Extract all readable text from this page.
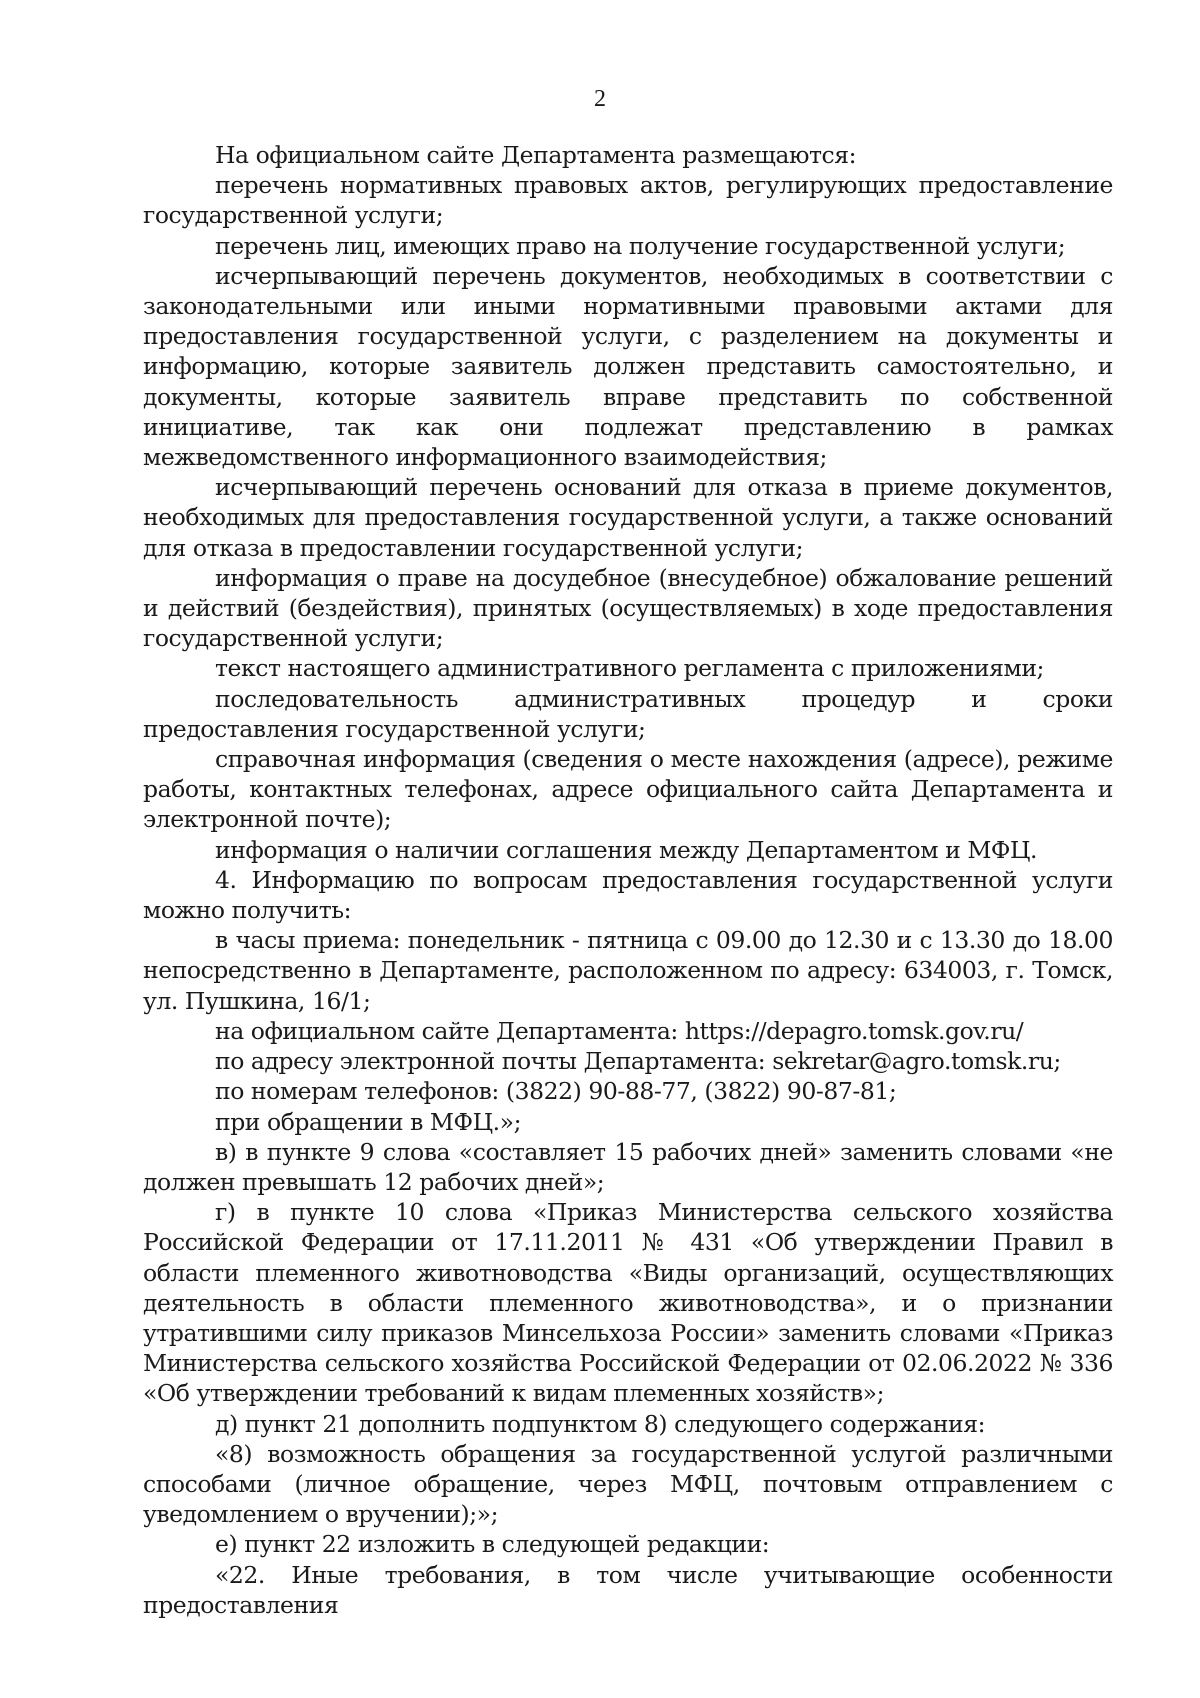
2

На официальном сайте Департамента размещаются:

перечень нормативных правовых актов, регулирующих предоставление государственной услуги;

перечень лиц, имеющих право на получение государственной услуги;

исчерпывающий перечень документов, необходимых в соответствии с законодательными или иными нормативными правовыми актами для предоставления государственной услуги, с разделением на документы и информацию, которые заявитель должен представить самостоятельно, и документы, которые заявитель вправе представить по собственной инициативе, так как они подлежат представлению в рамках межведомственного информационного взаимодействия;

исчерпывающий перечень оснований для отказа в приеме документов, необходимых для предоставления государственной услуги, а также оснований для отказа в предоставлении государственной услуги;

информация о праве на досудебное (внесудебное) обжалование решений и действий (бездействия), принятых (осуществляемых) в ходе предоставления государственной услуги;

текст настоящего административного регламента с приложениями;

последовательность административных процедур и сроки предоставления государственной услуги;

справочная информация (сведения о месте нахождения (адресе), режиме работы, контактных телефонах, адресе официального сайта Департамента и электронной почте);

информация о наличии соглашения между Департаментом и МФЦ.

4. Информацию по вопросам предоставления государственной услуги можно получить:

в часы приема: понедельник - пятница с 09.00 до 12.30 и с 13.30 до 18.00 непосредственно в Департаменте, расположенном по адресу: 634003, г. Томск, ул. Пушкина, 16/1;

на официальном сайте Департамента: https://depagro.tomsk.gov.ru/

по адресу электронной почты Департамента: sekretar@agro.tomsk.ru;

по номерам телефонов: (3822) 90-88-77, (3822) 90-87-81;

при обращении в МФЦ.»;

в) в пункте 9 слова «составляет 15 рабочих дней» заменить словами «не должен превышать 12 рабочих дней»;

г) в пункте 10 слова «Приказ Министерства сельского хозяйства Российской Федерации от 17.11.2011 № 431 «Об утверждении Правил в области племенного животноводства «Виды организаций, осуществляющих деятельность в области племенного животноводства», и о признании утратившими силу приказов Минсельхоза России» заменить словами «Приказ Министерства сельского хозяйства Российской Федерации от 02.06.2022 № 336 «Об утверждении требований к видам племенных хозяйств»;

д) пункт 21 дополнить подпунктом 8) следующего содержания:

«8) возможность обращения за государственной услугой различными способами (личное обращение, через МФЦ, почтовым отправлением с уведомлением о вручении);»;

е) пункт 22 изложить в следующей редакции:

«22. Иные требования, в том числе учитывающие особенности предоставления
